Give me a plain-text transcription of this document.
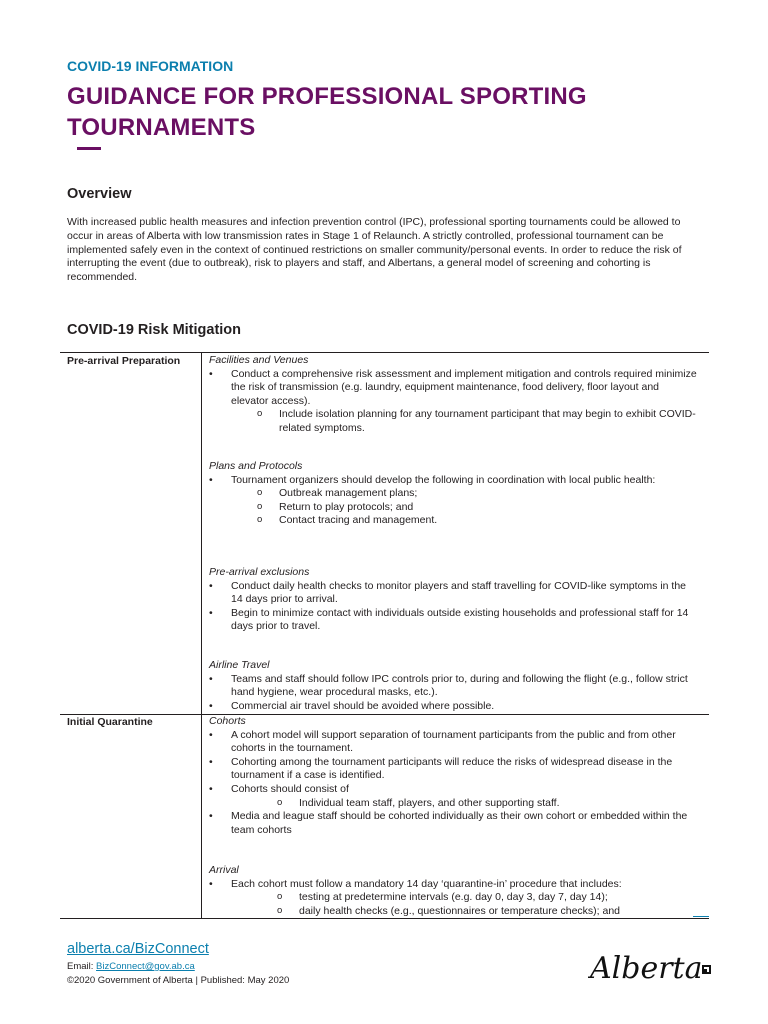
COVID-19 INFORMATION
GUIDANCE FOR PROFESSIONAL SPORTING TOURNAMENTS
Overview
With increased public health measures and infection prevention control (IPC), professional sporting tournaments could be allowed to occur in areas of Alberta with low transmission rates in Stage 1 of Relaunch. A strictly controlled, professional tournament can be implemented safely even in the context of continued restrictions on smaller community/personal events. In order to reduce the risk of interrupting the event (due to outbreak), risk to players and staff, and Albertans, a general model of screening and cohorting is recommended.
COVID-19 Risk Mitigation
Pre-arrival Preparation	Facilities and Venues
• Conduct a comprehensive risk assessment and implement mitigation and controls required minimize the risk of transmission (e.g. laundry, equipment maintenance, food delivery, floor layout and elevator access).
o Include isolation planning for any tournament participant that may begin to exhibit COVID-related symptoms.
Plans and Protocols
• Tournament organizers should develop the following in coordination with local public health:
o Outbreak management plans;
o Return to play protocols; and
o Contact tracing and management.
Pre-arrival exclusions
• Conduct daily health checks to monitor players and staff travelling for COVID-like symptoms in the 14 days prior to arrival.
• Begin to minimize contact with individuals outside existing households and professional staff for 14 days prior to travel.
Airline Travel
• Teams and staff should follow IPC controls prior to, during and following the flight (e.g., follow strict hand hygiene, wear procedural masks, etc.).
• Commercial air travel should be avoided where possible.
Initial Quarantine	Cohorts
• A cohort model will support separation of tournament participants from the public and from other cohorts in the tournament.
• Cohorting among the tournament participants will reduce the risks of widespread disease in the tournament if a case is identified.
• Cohorts should consist of
o Individual team staff, players, and other supporting staff.
• Media and league staff should be cohorted individually as their own cohort or embedded within the team cohorts
Arrival
• Each cohort must follow a mandatory 14 day ‘quarantine-in’ procedure that includes:
o testing at predetermine intervals (e.g. day 0, day 3, day 7, day 14);
o daily health checks (e.g., questionnaires or temperature checks); and
alberta.ca/BizConnect
Email: BizConnect@gov.ab.ca
©2020 Government of Alberta | Published: May 2020	Alberta
